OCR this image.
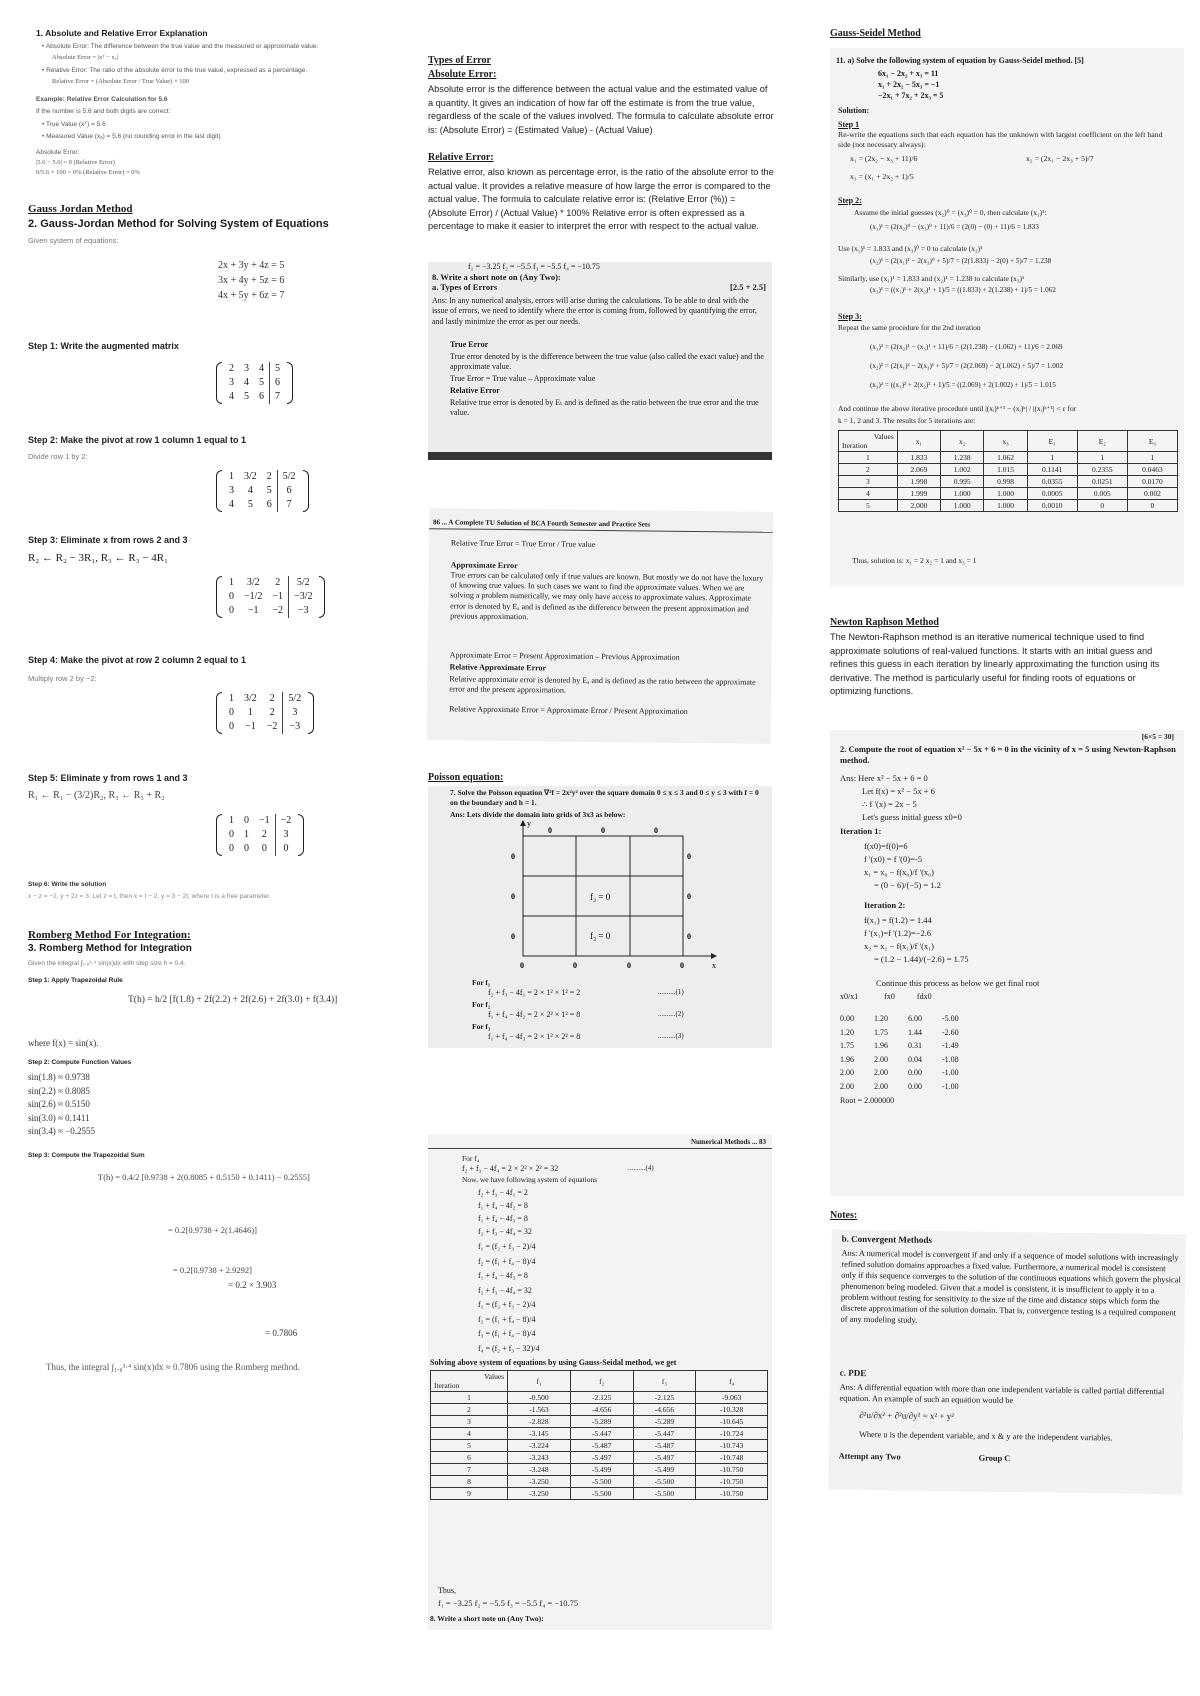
1. Absolute and Relative Error Explanation
• Absolute Error: The difference between the true value and the measured or approximate value.
Absolute Error = |xᵀ − xₐ|
• Relative Error: The ratio of the absolute error to the true value, expressed as a percentage.
Relative Error = (Absolute Error / True Value) × 100
Example: Relative Error Calculation for 5.6
If the number is 5.6 and both digits are correct:
• True Value (xᵀ) = 5.6
• Measured Value (xₐ) = 5.6 (no rounding error in the last digit)
Absolute Error:
|5.6 − 5.6| = 0 (Relative Error)
0/5.6 × 100 = 0% (Relative Error) = 0%
Gauss Jordan Method
2. Gauss-Jordan Method for Solving System of Equations
Given system of equations:
2x + 3y + 4z = 5
3x + 4y + 5z = 6
4x + 5y + 6z = 7
Step 1: Write the augmented matrix
2	3	4	5
3	4	5	6
4	5	6	7
Step 2: Make the pivot at row 1 column 1 equal to 1
Divide row 1 by 2:
1	3/2	2	5/2
3	4	5	6
4	5	6	7
Step 3: Eliminate x from rows 2 and 3
R₂ ← R₂ − 3R₁, R₃ ← R₃ − 4R₁
1	3/2	2	5/2
0	−1/2	−1	−3/2
0	−1	−2	−3
Step 4: Make the pivot at row 2 column 2 equal to 1
Multiply row 2 by −2:
1	3/2	2	5/2
0	1	2	3
0	−1	−2	−3
Step 5: Eliminate y from rows 1 and 3
R₁ ← R₁ − (3/2)R₂, R₃ ← R₃ + R₂
1	0	−1	−2
0	1	2	3
0	0	0	0
Step 6: Write the solution
x − z = −2, y + 2z = 3. Let z = t, then x = t − 2, y = 3 − 2t, where t is a free parameter.
Romberg Method For Integration:
3. Romberg Method for Integration
Given the integral ∫₁.₈³·⁴ sin(x)dx with step size h = 0.4.
Step 1: Apply Trapezoidal Rule
T(h) = h/2 [f(1.8) + 2f(2.2) + 2f(2.6) + 2f(3.0) + f(3.4)]
where f(x) = sin(x).
Step 2: Compute Function Values
sin(1.8) ≈ 0.9738
sin(2.2) ≈ 0.8085
sin(2.6) ≈ 0.5150
sin(3.0) ≈ 0.1411
sin(3.4) ≈ −0.2555
Step 3: Compute the Trapezoidal Sum
T(h) = 0.4/2 [0.9738 + 2(0.8085 + 0.5150 + 0.1411) − 0.2555]
= 0.2[0.9738 + 2(1.4646)]
= 0.2[0.9738 + 2.9292]
= 0.2 × 3.903
= 0.7806
Thus, the integral ∫₁.₈³·⁴ sin(x)dx ≈ 0.7806 using the Romberg method.
Types of Error
Absolute Error:
Absolute error is the difference between the actual value and the estimated value of a quantity. It gives an indication of how far off the estimate is from the true value, regardless of the scale of the values involved. The formula to calculate absolute error is: (Absolute Error) = (Estimated Value) - (Actual Value)
Relative Error:
Relative error, also known as percentage error, is the ratio of the absolute error to the actual value. It provides a relative measure of how large the error is compared to the actual value. The formula to calculate relative error is: (Relative Error (%)) = (Absolute Error) / (Actual Value) * 100% Relative error is often expressed as a percentage to make it easier to interpret the error with respect to the actual value.
f₁ = −3.25 f₂ = −5.5 f₃ = −5.5 f₄ = −10.75
8. Write a short note on (Any Two):
a. Types of Errors	[2.5 + 2.5]
Ans: In any numerical analysis, errors will arise during the calculations. To be able to deal with the issue of errors, we need to identify where the error is coming from, followed by quantifying the error, and lastly minimize the error as per our needs.
True Error
True error denoted by is the difference between the true value (also called the exact value) and the approximate value.
True Error = True value – Approximate value
Relative Error
Relative true error is denoted by Eₜ and is defined as the ratio between the true error and the true value.
86 ... A Complete TU Solution of BCA Fourth Semester and Practice Sets
Relative True Error = True Error / True value
Approximate Error
True errors can be calculated only if true values are known. But mostly we do not have the luxury of knowing true values. In such cases we want to find the approximate values. When we are solving a problem numerically, we may only have access to approximate values. Approximate error is denoted by Eₐ and is defined as the difference between the present approximation and previous approximation.
Approximate Error = Present Approximation – Previous Approximation
Relative Approximate Error
Relative approximate error is denoted by Eₐ and is defined as the ratio between the approximate error and the present approximation.
Relative Approximate Error = Approximate Error / Present Approximation
Poisson equation:
7. Solve the Poisson equation ∇²f = 2x²y² over the square domain 0 ≤ x ≤ 3 and 0 ≤ y ≤ 3 with f = 0 on the boundary and h = 1.
Ans: Lets divide the domain into grids of 3x3 as below:
y
x
f₂ = 0
f₃ = 0
0
0
0
0
0
0
0	0	0
0	0	0	0
For f₁
f₂ + f₃ − 4f₁ = 2 × 1² × 1² = 2	..........(1)
For f₂
f₁ + f₄ − 4f₂ = 2 × 2² × 1² = 8	..........(2)
For f₃
f₁ + f₄ − 4f₃ = 2 × 1² × 2² = 8	..........(3)
Numerical Methods ... 83
For f₄
f₂ + f₃ − 4f₄ = 2 × 2² × 2² = 32	..........(4)
Now, we have following system of equations
f₂ + f₃ − 4f₁ = 2
f₁ + f₄ − 4f₂ = 8
f₁ + f₄ − 4f₃ = 8
f₂ + f₃ − 4f₄ = 32
f₁ = (f₂ + f₃ − 2)/4
f₂ = (f₁ + f₄ − 8)/4
f₁ + f₄ − 4f₃ = 8
f₂ + f₃ − 4f₄ = 32
f₁ = (f₂ + f₃ − 2)/4
f₂ = (f₁ + f₄ − 8)/4
f₃ = (f₁ + f₄ − 8)/4
f₄ = (f₂ + f₃ − 32)/4
Solving above system of equations by using Gauss-Seidal method, we get
Values

Iteration	f₁	f₂	f₃	f₄
1	-0.500	-2.125	-2.125	-9.063
2	-1.563	-4.656	-4.656	-10.328
3	-2.828	-5.289	-5.289	-10.645
4	-3.145	-5.447	-5.447	-10.724
5	-3.224	-5.487	-5.487	-10.743
6	-3.243	-5.497	-5.497	-10.748
7	-3.248	-5.499	-5.499	-10.750
8	-3.250	-5.500	-5.500	-10.750
9	-3.250	-5.500	-5.500	-10.750
Thus,
f₁ = −3.25 f₂ = −5.5 f₃ = −5.5 f₄ = −10.75
8. Write a short note on (Any Two):
Gauss-Seidel Method
11. a) Solve the following system of equation by Gauss-Seidel method. [5]
6x₁ − 2x₂ + x₃ = 11
x₁ + 2x₂ − 5x₃ = −1
−2x₁ + 7x₂ + 2x₃ = 5
Solution:
Step 1
Re-write the equations such that each equation has the unknown with largest coefficient on the left hand side (not necessary always):
x₁ = (2x₂ − x₃ + 11)/6	x₂ = (2x₁ − 2x₃ + 5)/7
x₃ = (x₁ + 2x₂ + 1)/5
Step 2:
Assume the initial guesses (x₂)⁰ = (x₃)⁰ = 0, then calculate (x₁)¹:
(x₁)¹ = (2(x₂)⁰ − (x₃)⁰ + 11)/6 = (2(0) − (0) + 11)/6 = 1.833
Use (x₁)¹ = 1.833 and (x₃)⁰ = 0 to calculate (x₂)¹
(x₂)¹ = (2(x₁)¹ − 2(x₃)⁰ + 5)/7 = (2(1.833) − 2(0) + 5)/7 = 1.238
Similarly, use (x₁)¹ = 1.833 and (x₂)¹ = 1.238 to calculate (x₃)¹
(x₃)¹ = ((x₁)¹ + 2(x₂)¹ + 1)/5 = ((1.833) + 2(1.238) + 1)/5 = 1.062
Step 3:
Repeat the same procedure for the 2nd iteration
(x₁)² = (2(x₂)¹ − (x₃)¹ + 11)/6 = (2(1.238) − (1.062) + 11)/6 = 2.069
(x₂)² = (2(x₁)² − 2(x₃)¹ + 5)/7 = (2(2.069) − 2(1.062) + 5)/7 = 1.002
(x₃)² = ((x₁)² + 2(x₂)² + 1)/5 = ((2.069) + 2(1.002) + 1)/5 = 1.015
And continue the above iterative procedure until |(xᵢ)ᵏ⁺¹ − (xᵢ)ᵏ| / |(xᵢ)ᵏ⁺¹| < ε for
k = 1, 2 and 3. The results for 5 iterations are:
Values

Iteration	x₁	x₂	x₃	E₁	E₂	E₃
1	1.833	1.238	1.062	1	1	1
2	2.069	1.002	1.015	0.1141	0.2355	0.0463
3	1.998	0.995	0.998	0.0355	0.0251	0.0170
4	1.999	1.000	1.000	0.0005	0.005	0.002
5	2.000	1.000	1.000	0.0010	0	0
Thus, solution is: x₁ = 2 x₂ = 1 and x₃ = 1
Newton Raphson Method
The Newton-Raphson method is an iterative numerical technique used to find approximate solutions of real-valued functions. It starts with an initial guess and refines this guess in each iteration by linearly approximating the function using its derivative. The method is particularly useful for finding roots of equations or optimizing functions.
[6×5 = 30]
2. Compute the root of equation x² − 5x + 6 = 0 in the vicinity of x = 5 using Newton-Raphson method.
Ans: Here x² − 5x + 6 = 0
Let f(x) = x² − 5x + 6
∴ f '(x) = 2x − 5
Let's guess initial guess x0=0
Iteration 1:
f(x0)=f(0)=6
f '(x0) = f '(0)=-5
x₁ = x₀ − f(x₀)/f '(x₀)
= (0 − 6)/(−5) = 1.2
Iteration 2:
f(x₁) = f(1.2) = 1.44
f '(x₁)=f '(1.2)=−2.6
x₂ = x₁ − f(x₁)/f '(x₁)
= (1.2 − 1.44)/(−2.6) = 1.75
Continue this process as below we get final root
x0/x1	fx0	fdx0
0.00	1.20	6.00	-5.00
1.20	1.75	1.44	-2.60
1.75	1.96	0.31	-1.49
1.96	2.00	0.04	-1.08
2.00	2.00	0.00	-1.00
2.00	2.00	0.00	-1.00
Root = 2.000000
Notes:
b. Convergent Methods
Ans: A numerical model is convergent if and only if a sequence of model solutions with increasingly refined solution domains approaches a fixed value. Furthermore, a numerical model is consistent only if this sequence converges to the solution of the continuous equations which govern the physical phenomenon being modeled. Given that a model is consistent, it is insufficient to apply it to a problem without testing for sensitivity to the size of the time and distance steps which form the discrete approximation of the solution domain. That is, convergence testing is a required component of any modeling study.
c. PDE
Ans: A differential equation with more than one independent variable is called partial differential equation. An example of such an equation would be
∂²u/∂x² + ∂²u/∂y² = x² + y²
Where u is the dependent variable, and x & y are the independent variables.
Attempt any Two	Group C
